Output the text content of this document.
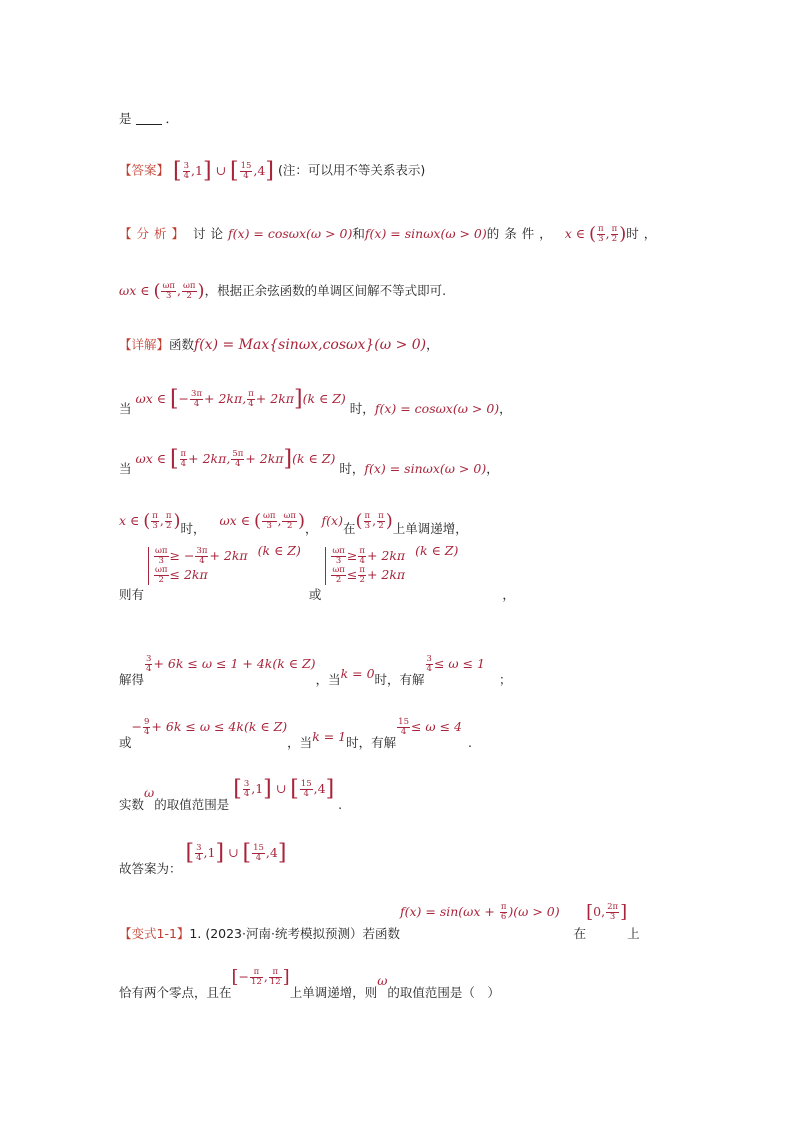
是	．
【答案】 [ $\frac{3}{4} ,1$] ∪ [ $\frac{15}{4} ,4$] (注：可以用不等关系表示)
【分析】 讨论f(x) = cosωx(ω > 0)和f(x) = sinωx(ω > 0)的条件， x ∈ ( $\frac{\pi}{3}$ , $\frac{\pi}{2}$ )时，
ωx ∈ ( $\frac{\omega\pi}{3}$ , $\frac{\omega\pi}{2}$ )，根据正余弦函数的单调区间解不等式即可.
【详解】函数f(x) = Max{sinωx,cosωx}(ω > 0)，
当 ωx ∈ [− $\frac{3\pi}{4} + 2k\pi$, $\frac{\pi}{4} + 2k\pi](k$ ∈ Z) 时，f(x) = cosωx(ω > 0)，
当 ωx ∈ [ $\frac{\pi}{4} + 2k\pi$, $\frac{5\pi}{4} + 2k\pi](k$ ∈ Z) 时，f(x) = sinωx(ω > 0)，
x ∈ ( $\frac{\pi}{3}$ , $\frac{\pi}{2}$ )时， ωx ∈ ( $\frac{\omega\pi}{3}$ , $\frac{\omega\pi}{2}$ )， f(x)在( $\frac{\pi}{3}$ , $\frac{\pi}{2}$ )上单调递增，
则有
$\frac{\omega\pi}{3}$ ≥ − $\frac{3\pi}{4} + 2k\pi$
$\frac{\omega\pi}{2} \le 2k\pi$
(k ∈ Z) 或
$\frac{\omega\pi}{3} \ge \frac{\pi}{4} + 2k\pi$
$\frac{\omega\pi}{2} \le \frac{\pi}{2} + 2k\pi$
(k ∈ Z) ，
解得
$\frac{3}{4} + 6k \le \omega \le 1 + 4k(k$ ∈ Z)，当k = 0时，有解
$\frac{3}{4} \le \omega \le 1$；
或− $\frac{9}{4} + 6k \le \omega \le 4k(k$ ∈ Z)，当k = 1时，有解
$\frac{15}{4} \le \omega \le 4$.
实数ω的取值范围是 [ $\frac{3}{4} ,1$] ∪ [ $\frac{15}{4} ,4$] .
故答案为： [ $\frac{3}{4} ,1$] ∪ [ $\frac{15}{4} ,4$]
【变式1-1】1. (2023·河南·统考模拟预测）若函数$f(x) = \sin(\omega x + \frac{\pi}{6} )(\omega > 0)$在[0, $\frac{2\pi}{3}$ ]上
恰有两个零点，且在[− $\frac{\pi}{12}$ , $\frac{\pi}{12}$ ]上单调递增，则ω的取值范围是（　）
